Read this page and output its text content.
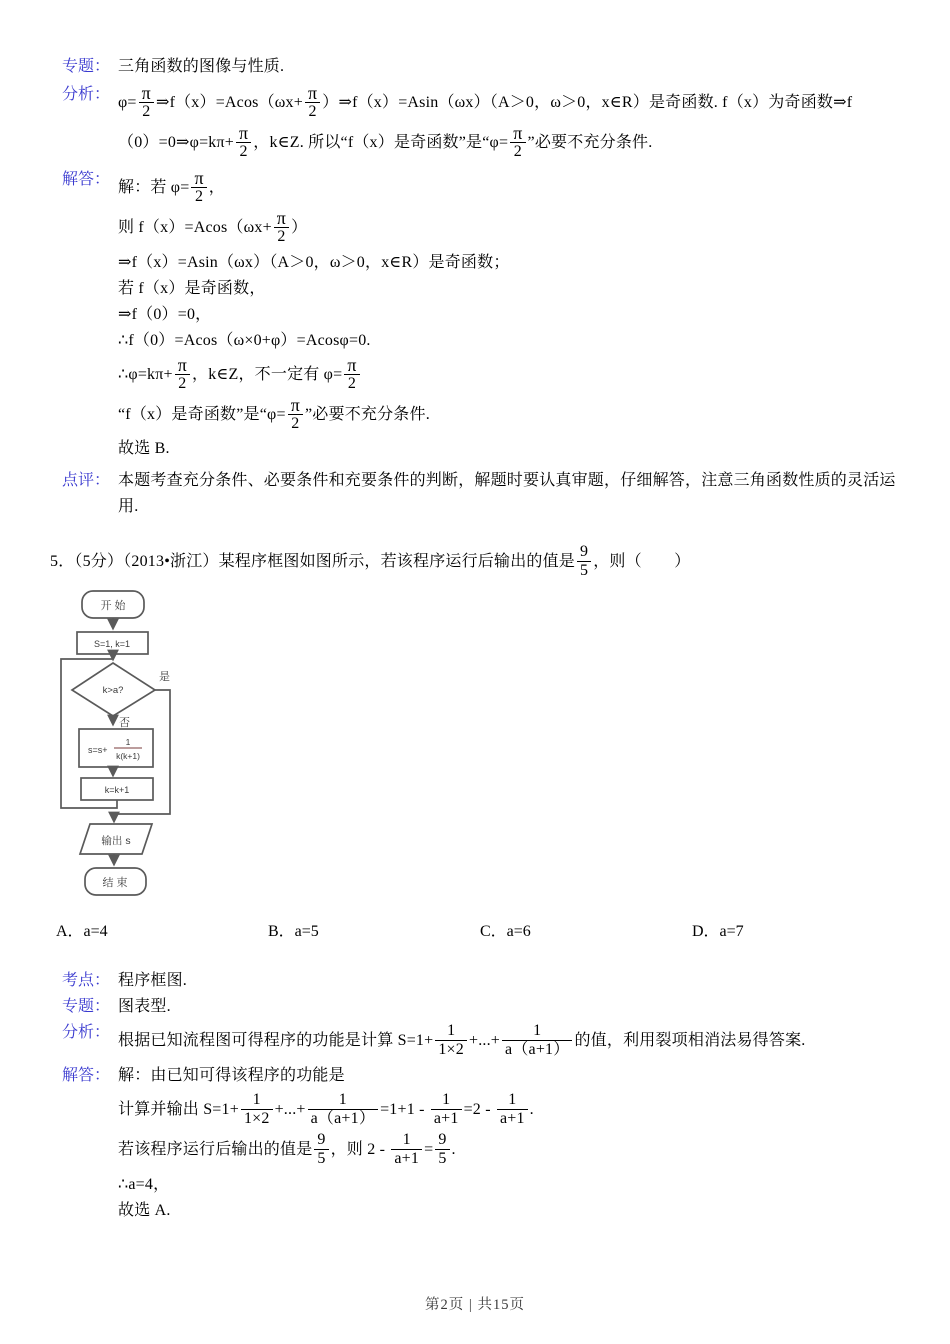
专题： 三角函数的图像与性质.
分析： $\varphi= \frac{\pi}{2}$ ⇒f（x）=Acos（ωx+ $\frac{\pi}{2}$ ）⇒f（x）=Asin（ωx）（A＞0，ω＞0，x∈R）是奇函数. f（x）为奇函数⇒f
（0）=0⇒φ=kπ+ $\frac{\pi}{2}$ ，k∈Z. 所以“f（x）是奇函数”是“$\varphi= \frac{\pi}{2}$ ”必要不充分条件.
解答： 解：若 $\varphi= \frac{\pi}{2}$ ，
则 $f(x)=Acos(\omega x+ \frac{\pi}{2}$ ）
⇒f（x）=Asin（ωx）（A＞0，ω＞0，x∈R）是奇函数；
若 f（x）是奇函数，
⇒f（0）=0，
∴f（0）=Acos（ω×0+φ）=Acosφ=0.
∴φ=kπ+ $\frac{\pi}{2}$ ，k∈Z，不一定有 $\varphi= \frac{\pi}{2}$
“f（x）是奇函数”是“$\varphi= \frac{\pi}{2}$ ”必要不充分条件.
故选 B.
点评： 本题考查充分条件、必要条件和充要条件的判断，解题时要认真审题，仔细解答，注意三角函数性质的灵活运用.
5．（5分）（2013•浙江）某程序框图如图所示，若该程序运行后输出的值是 $\frac{9}{5}$ ，则（　　）
开 始
S=1, k=1
k>a?
是
否
s=s+
1
k(k+1)
k=k+1
输出 s
结 束
A．a=4	B．a=5	C．a=6	D．a=7
考点： 程序框图.
专题： 图表型.
分析： 根据已知流程图可得程序的功能是计算 $S=1+ \frac{1}{1\times 2}$ +...+ $\frac{1}{a(a+1)}$ 的值，利用裂项相消法易得答案.
解答： 解：由已知可得该程序的功能是
计算并输出 $S=1+ \frac{1}{1\times 2}$ +...+ $\frac{1}{a(a+1)} =1+1 - \frac{1}{a+1} =2 - \frac{1}{a+1}$ .
若该程序运行后输出的值是 $\frac{9}{5}$ ，则 $2 - \frac{1}{a+1} = \frac{9}{5}$ .
∴a=4，
故选 A.
第2页 | 共15页
